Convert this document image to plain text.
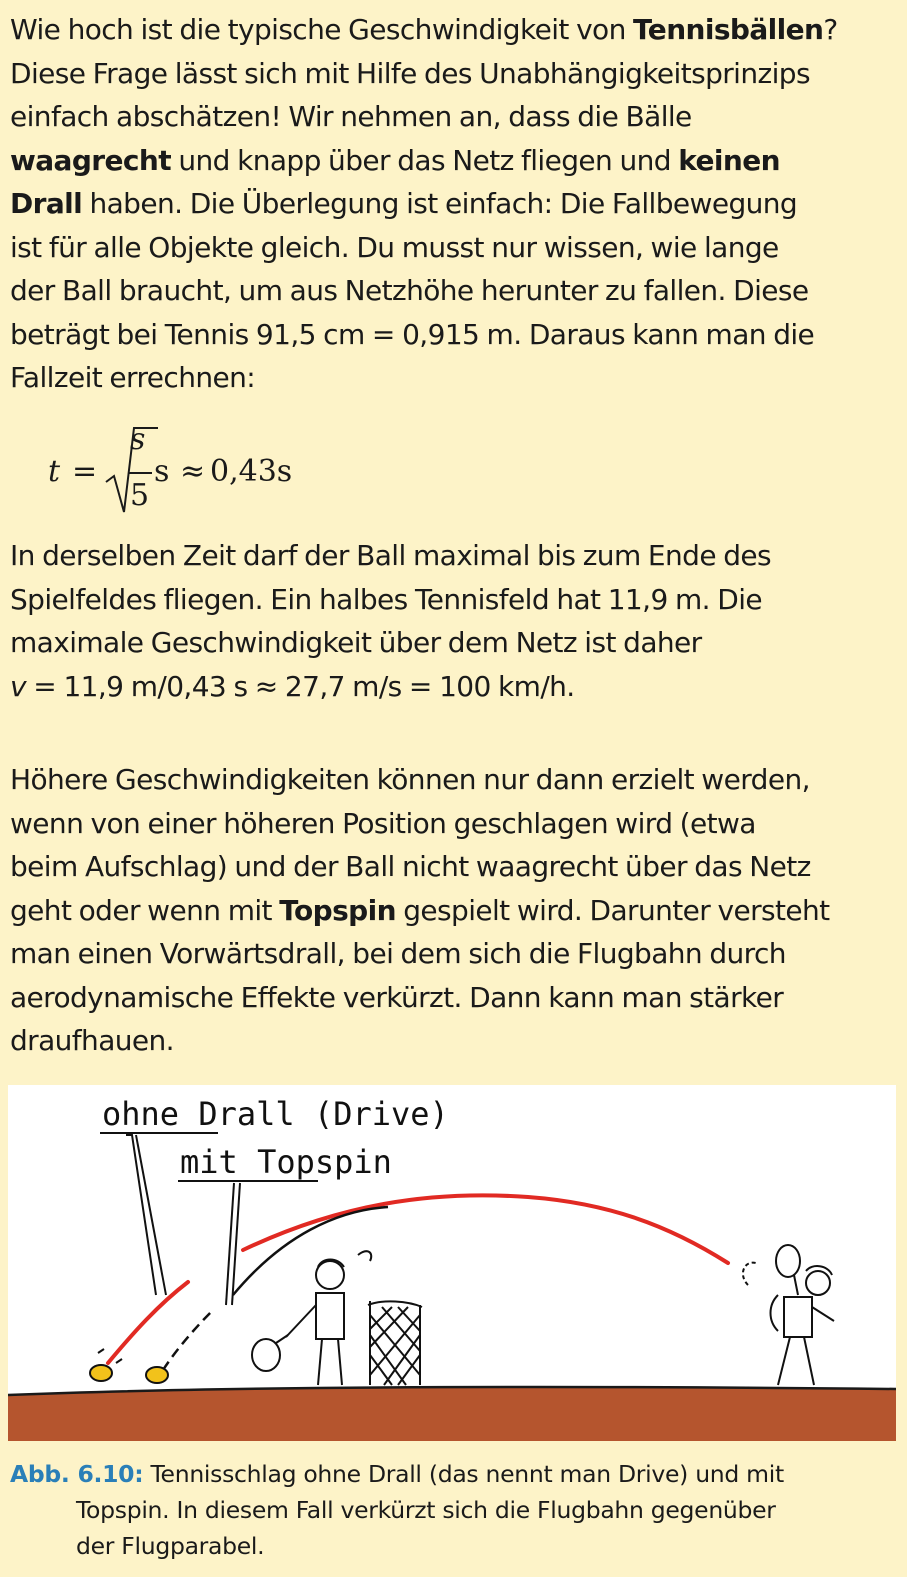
Wie hoch ist die typische Geschwindigkeit von Tennisbällen?
Diese Frage lässt sich mit Hilfe des Unabhängigkeitsprinzips
einfach abschätzen! Wir nehmen an, dass die Bälle
waagrecht und knapp über das Netz fliegen und keinen
Drall haben. Die Überlegung ist einfach: Die Fallbewegung
ist für alle Objekte gleich. Du musst nur wissen, wie lange
der Ball braucht, um aus Netzhöhe herunter zu fallen. Diese
beträgt bei Tennis 91,5 cm = 0,915 m. Daraus kann man die
Fallzeit errechnen:
t =
s
5
s ≈ 0,43s
In derselben Zeit darf der Ball maximal bis zum Ende des
Spielfeldes fliegen. Ein halbes Tennisfeld hat 11,9 m. Die
maximale Geschwindigkeit über dem Netz ist daher
v = 11,9 m/0,43 s ≈ 27,7 m/s = 100 km/h.
Höhere Geschwindigkeiten können nur dann erzielt werden,
wenn von einer höheren Position geschlagen wird (etwa
beim Aufschlag) und der Ball nicht waagrecht über das Netz
geht oder wenn mit Topspin gespielt wird. Darunter versteht
man einen Vorwärtsdrall, bei dem sich die Flugbahn durch
aerodynamische Effekte verkürzt. Dann kann man stärker
draufhauen.
ohne Drall (Drive)
mit Topspin
Abb. 6.10: Tennisschlag ohne Drall (das nennt man Drive) und mit
Topspin. In diesem Fall verkürzt sich die Flugbahn gegenüber
der Flugparabel.
